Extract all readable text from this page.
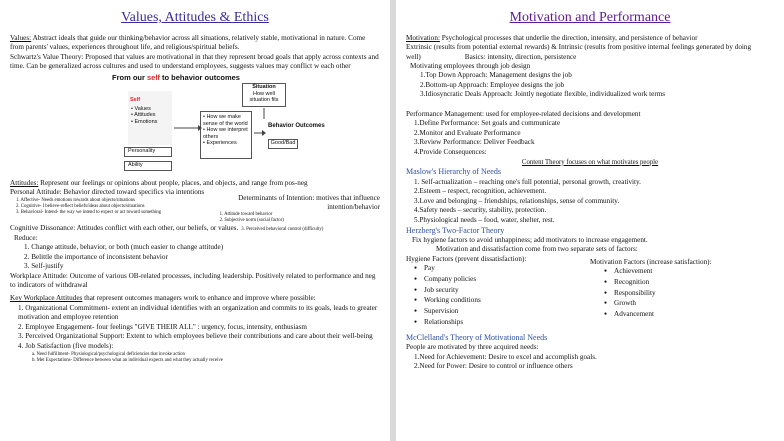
Values, Attitudes & Ethics
Values: Abstract ideals that guide our thinking/behavior across all situations, relatively stable, motivational in nature. Come from parents' values, experiences throughout life, and religious/spiritual beliefs.
Schwartz's Value Theory: Proposed that values are motivational in that they represent broad goals that apply across contexts and time. Can be generalized across cultures and used to understand employees, suggests values may conflict w each other
From our self to behavior outcomes
Self
• Values
• Attitudes
• Emotions
Personality
Ability
Situation
How well situation fits
• How we make sense of the world
• How we interpret others
• Experiences
Behavior Outcomes
Good/Bad
Attitudes: Represent our feelings or opinions about people, places, and objects, and range from pos-neg
Personal Attitude: Behavior directed toward specifics via intentions
1. Affective- Needs emotions towards about objects/situations
2. Cognitive- I believe-reflect beliefs/ideas about objects/situations
3. Behavioral- Intend- the way we intend to expect or act toward something
Determinants of Intention: motives that influence intention/behavior
1. Attitude toward behavior
2. Subjective norm (social factor)
Cognitive Dissonance: Attitudes conflict with each other, our beliefs, or values. 3. Perceived behavioral control (difficulty)
Reduce:
1. Change attitude, behavior, or both (much easier to change attitude)
2. Belittle the importance of inconsistent behavior
3. Self-justify
Workplace Attitude: Outcome of various OB-related processes, including leadership. Positively related to performance and neg to indicators of withdrawal
Key Workplace Attitudes that represent outcomes managers work to enhance and improve where possible:
1. Organizational Commitment- extent an individual identifies with an organization and commits to its goals, leads to greater motivation and employee retention
2. Employee Engagement- four feelings "GIVE THEIR ALL" : urgency, focus, intensity, enthusiasm
3. Perceived Organizational Support: Extent to which employees believe their contributions and care about their well-being
4. Job Satisfaction (five models):
a. Need fulfillment- Physiological/psychological deficiencies that invoke action
b. Met Expectations- Difference between what an individual expects and what they actually receive
Motivation and Performance
Motivation: Psychological processes that underlie the direction, intensity, and persistence of behavior
Extrinsic (results from potential external rewards) & Intrinsic (results from positive internal feelings generated by doing well)	Basics: intensity, direction, persistence
Motivating employees through job design
1.Top Down Approach: Management designs the job
2.Bottom-up Approach: Employee designs the job
3.Idiosyncratic Deals Approach: Jointly negotiate flexible, individualized work terms
Performance Management: used for employee-related decisions and development
1.Define Performance: Set goals and communicate
2.Monitor and Evaluate Performance
3.Review Performance: Deliver Feedback
4.Provide Consequences:
Content Theory focuses on what motivates people
Maslow's Hierarchy of Needs
1. Self-actualization – reaching one's full potential, personal growth, creativity.
2.Esteem – respect, recognition, achievement.
3.Love and belonging – friendships, relationships, sense of community.
4.Safety needs – security, stability, protection.
5.Physiological needs – food, water, shelter, rest.
Herzberg's Two-Factor Theory
Fix hygiene factors to avoid unhappiness; add motivators to increase engagement.
Motivation and dissatisfaction come from two separate sets of factors:
Hygiene Factors (prevent dissatisfaction):
● Pay
● Company policies
● Job security
● Working conditions
● Supervision
● Relationships
Motivation Factors (increase satisfaction):
● Achievement
● Recognition
● Responsibility
● Growth
● Advancement
McClelland's Theory of Motivational Needs
People are motivated by three acquired needs:
1.Need for Achievement: Desire to excel and accomplish goals.
2.Need for Power: Desire to control or influence others
